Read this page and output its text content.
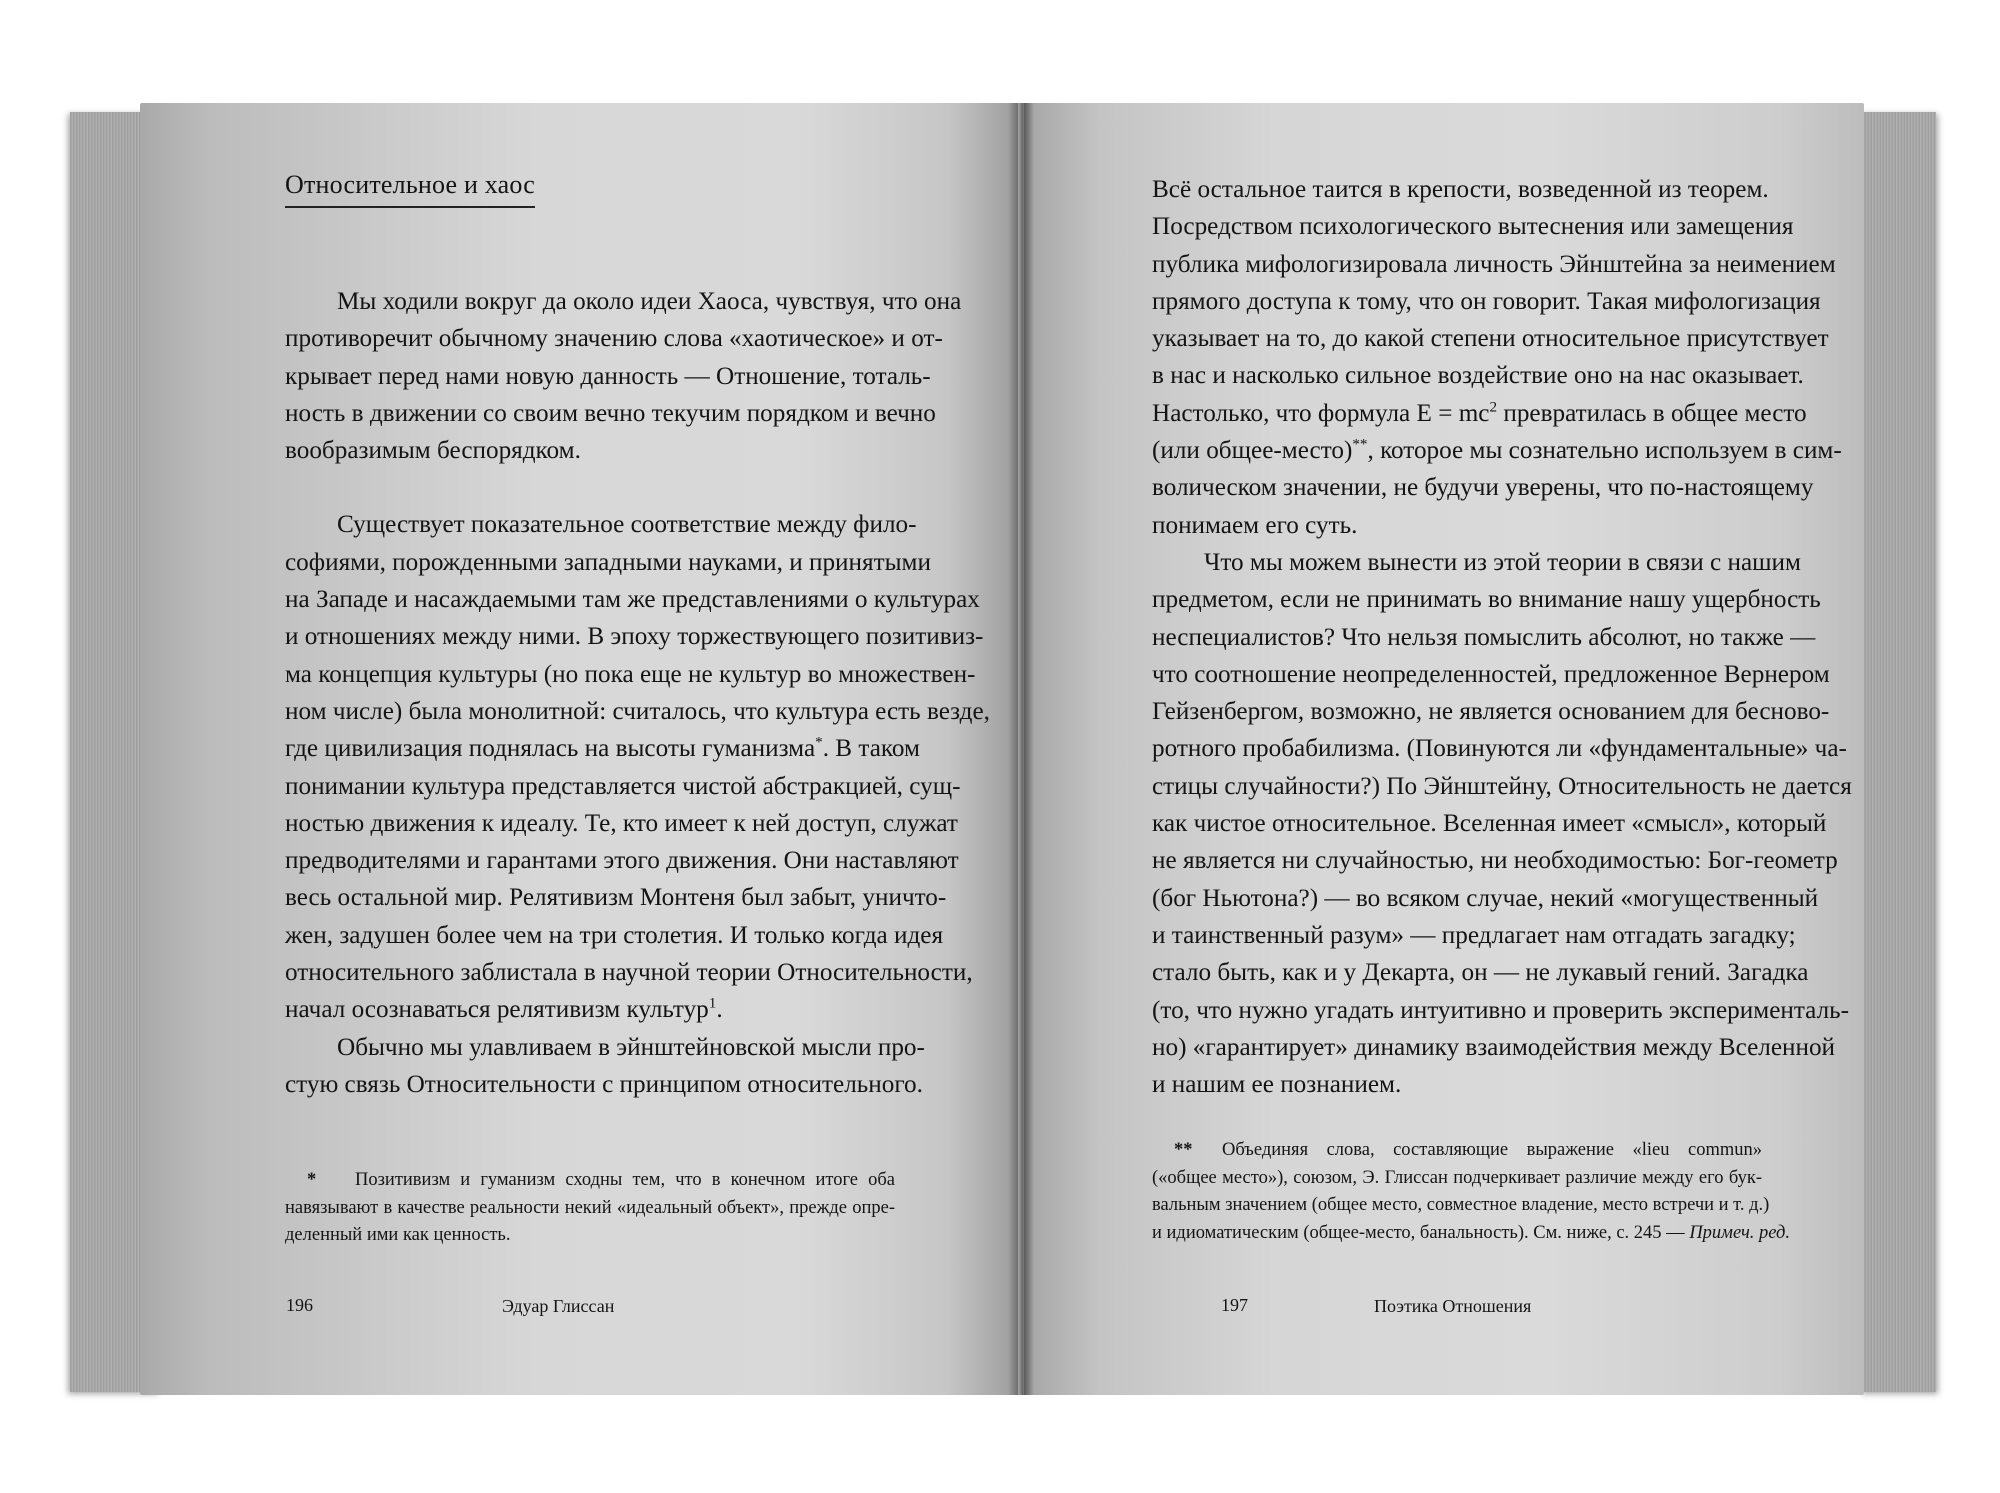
Относительное и хаос
Мы ходили вокруг да около идеи Хаоса, чувствуя, что она
противоречит обычному значению слова «хаотическое» и от-
крывает перед нами новую данность — Отношение, тоталь-
ность в движении со своим вечно текучим порядком и вечно
вообразимым беспорядком.
Существует показательное соответствие между фило-
софиями, порожденными западными науками, и принятыми
на Западе и насаждаемыми там же представлениями о культурах
и отношениях между ними. В эпоху торжествующего позитивиз-
ма концепция культуры (но пока еще не культур во множествен-
ном числе) была монолитной: считалось, что культура есть везде,
где цивилизация поднялась на высоты гуманизма*. В таком
понимании культура представляется чистой абстракцией, сущ-
ностью движения к идеалу. Те, кто имеет к ней доступ, служат
предводителями и гарантами этого движения. Они наставляют
весь остальной мир. Релятивизм Монтеня был забыт, уничто-
жен, задушен более чем на три столетия. И только когда идея
относительного заблистала в научной теории Относительности,
начал осознаваться релятивизм культур$^1$.
Обычно мы улавливаем в эйнштейновской мысли про-
стую связь Относительности с принципом относительного.
Всё остальное таится в крепости, возведенной из теорем.
Посредством психологического вытеснения или замещения
публика мифологизировала личность Эйнштейна за неимением
прямого доступа к тому, что он говорит. Такая мифологизация
указывает на то, до какой степени относительное присутствует
в нас и насколько сильное воздействие оно на нас оказывает.
Настолько, что формула $E = mc^2$ превратилась в общее место
(или общее-место)**, которое мы сознательно используем в сим-
волическом значении, не будучи уверены, что по-настоящему
понимаем его суть.
Что мы можем вынести из этой теории в связи с нашим
предметом, если не принимать во внимание нашу ущербность
неспециалистов? Что нельзя помыслить абсолют, но также —
что соотношение неопределенностей, предложенное Вернером
Гейзенбергом, возможно, не является основанием для бесново-
ротного пробабилизма. (Повинуются ли «фундаментальные» ча-
стицы случайности?) По Эйнштейну, Относительность не дается
как чистое относительное. Вселенная имеет «смысл», который
не является ни случайностью, ни необходимостью: Бог-геометр
(бог Ньютона?) — во всяком случае, некий «могущественный
и таинственный разум» — предлагает нам отгадать загадку;
стало быть, как и у Декарта, он — не лукавый гений. Загадка
(то, что нужно угадать интуитивно и проверить эксперименталь-
но) «гарантирует» динамику взаимодействия между Вселенной
и нашим ее познанием.
* Позитивизм и гуманизм сходны тем, что в конечном итоге оба
навязывают в качестве реальности некий «идеальный объект», прежде опре-
деленный ими как ценность.
** Объединяя слова, составляющие выражение «lieu commun»
(«общее место»), союзом, Э. Глиссан подчеркивает различие между его бук-
вальным значением (общее место, совместное владение, место встречи и т. д.)
и идиоматическим (общее-место, банальность). См. ниже, с. 245 — Примеч. ред.
196	Эдуар Глиссан	197	Поэтика Отношения
